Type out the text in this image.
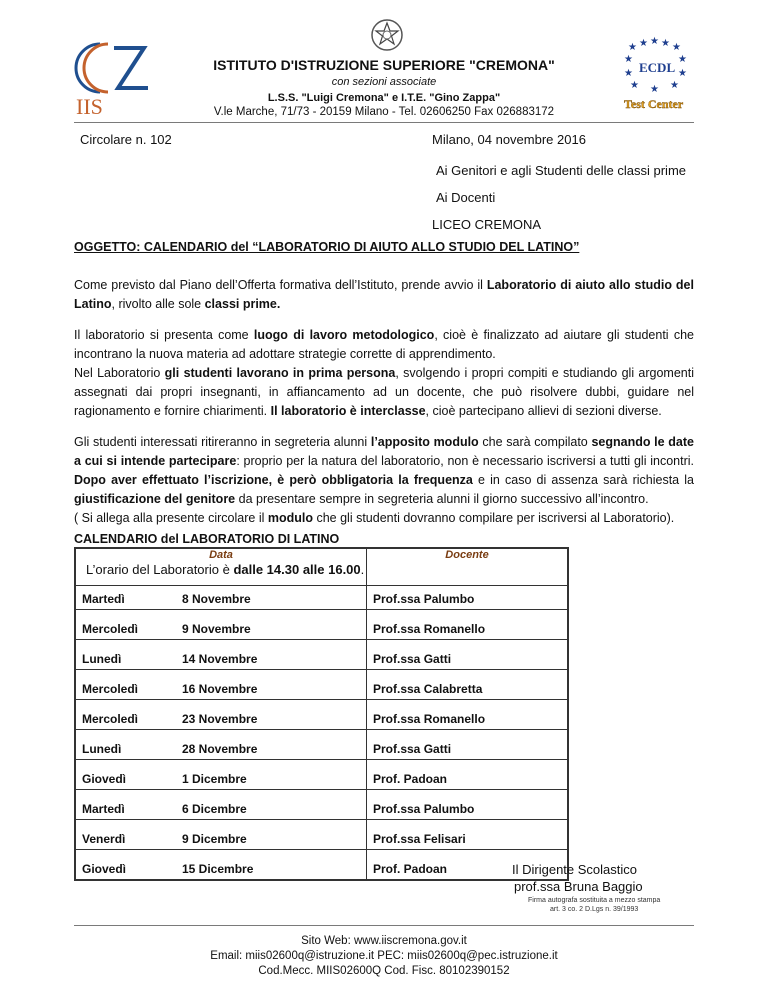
IIS
★ ★ ★ ★ ★
★	★
★	★
★ ★ ★
ECDL
Test Center
ISTITUTO D'ISTRUZIONE SUPERIORE "CREMONA"
con sezioni associate
L.S.S. "Luigi Cremona" e I.T.E. "Gino Zappa"
V.le Marche, 71/73 - 20159 Milano - Tel. 02606250 Fax 026883172
Circolare n. 102	Milano, 04 novembre 2016
Ai Genitori e agli Studenti delle classi prime
Ai Docenti
LICEO CREMONA
OGGETTO: CALENDARIO del “LABORATORIO DI AIUTO ALLO STUDIO DEL LATINO”
Come previsto dal Piano dell’Offerta formativa dell’Istituto, prende avvio il Laboratorio di aiuto allo studio del Latino, rivolto alle sole classi prime.
Il laboratorio si presenta come luogo di lavoro metodologico, cioè è finalizzato ad aiutare gli studenti che incontrano la nuova materia ad adottare strategie corrette di apprendimento.
Nel Laboratorio gli studenti lavorano in prima persona, svolgendo i propri compiti e studiando gli argomenti assegnati dai propri insegnanti, in affiancamento ad un docente, che può risolvere dubbi, guidare nel ragionamento e fornire chiarimenti. Il laboratorio è interclasse, cioè partecipano allievi di sezioni diverse.
Gli studenti interessati ritireranno in segreteria alunni l’apposito modulo che sarà compilato segnando le date a cui si intende partecipare: proprio per la natura del laboratorio, non è necessario iscriversi a tutti gli incontri. Dopo aver effettuato l’iscrizione, è però obbligatoria la frequenza e in caso di assenza sarà richiesta la giustificazione del genitore da presentare sempre in segreteria alunni il giorno successivo all’incontro.
( Si allega alla presente circolare il modulo che gli studenti dovranno compilare per iscriversi al Laboratorio).
CALENDARIO del LABORATORIO DI LATINO
Data		Docente
Martedì	8 Novembre	Prof.ssa Palumbo
Mercoledì	9 Novembre	Prof.ssa Romanello
Lunedì	14 Novembre	Prof.ssa Gatti
Mercoledì	16 Novembre	Prof.ssa Calabretta
Mercoledì	23 Novembre	Prof.ssa Romanello
Lunedì	28 Novembre	Prof.ssa Gatti
Giovedì	1 Dicembre	Prof. Padoan
Martedì	6 Dicembre	Prof.ssa Palumbo
Venerdì	9 Dicembre	Prof.ssa Felisari
Giovedì	15 Dicembre	Prof. Padoan
L’orario del Laboratorio è dalle 14.30 alle 16.00.
Il Dirigente Scolastico
prof.ssa Bruna Baggio
Firma autografa sostituita a mezzo stampa
art. 3 co. 2 D.Lgs n. 39/1993
Sito Web: www.iiscremona.gov.it
Email: miis02600q@istruzione.it PEC: miis02600q@pec.istruzione.it
Cod.Mecc. MIIS02600Q Cod. Fisc. 80102390152
